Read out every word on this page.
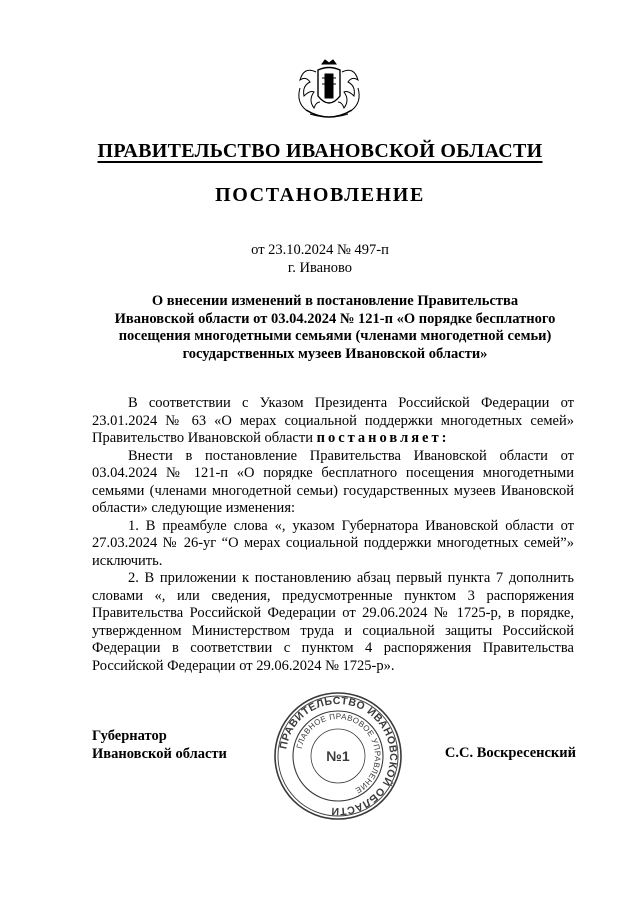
ПРАВИТЕЛЬСТВО ИВАНОВСКОЙ ОБЛАСТИ
ПОСТАНОВЛЕНИЕ
от 23.10.2024 № 497-п
г. Иваново
О внесении изменений в постановление Правительства
Ивановской области от 03.04.2024 № 121-п «О порядке бесплатного
посещения многодетными семьями (членами многодетной семьи)
государственных музеев Ивановской области»

В соответствии с Указом Президента Российской Федерации от 23.01.2024 № 63 «О мерах социальной поддержки многодетных семей» Правительство Ивановской области постановляет:

Внести в постановление Правительства Ивановской области от 03.04.2024 № 121-п «О порядке бесплатного посещения многодетными семьями (членами многодетной семьи) государственных музеев Ивановской области» следующие изменения:

1. В преамбуле слова «, указом Губернатора Ивановской области от 27.03.2024 № 26-уг “О мерах социальной поддержки многодетных семей”» исключить.

2. В приложении к постановлению абзац первый пункта 7 дополнить словами «, или сведения, предусмотренные пунктом 3 распоряжения Правительства Российской Федерации от 29.06.2024 № 1725-р, в порядке, утвержденном Министерством труда и социальной защиты Российской Федерации в соответствии с пунктом 4 распоряжения Правительства Российской Федерации от 29.06.2024 № 1725-р».

Губернатор
Ивановской области	С.С. Воскресенский
ПРАВИТЕЛЬСТВО ИВАНОВСКОЙ ОБЛАСТИ
ГЛАВНОЕ ПРАВОВОЕ УПРАВЛЕНИЕ
№1
